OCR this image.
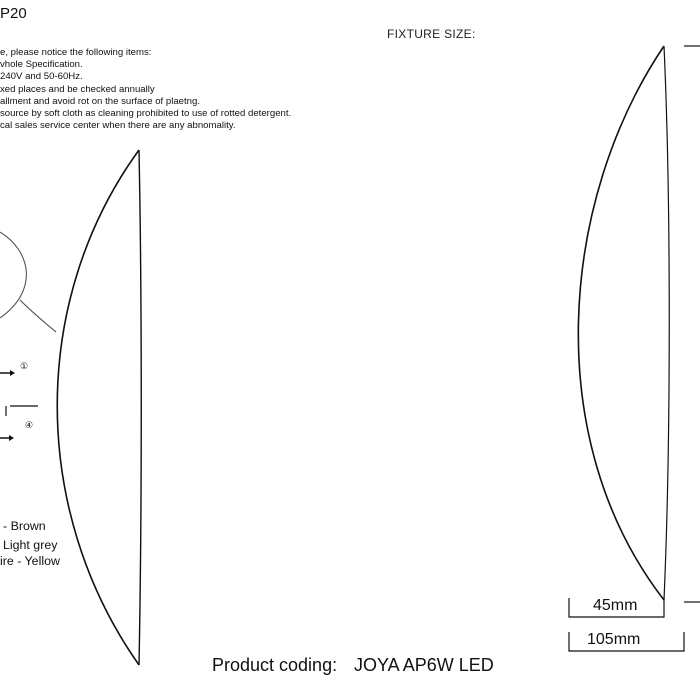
P20
e, please notice the following items:
vhole Specification.
240V and 50-60Hz.
xed places and be checked annually
allment and avoid rot on the surface of plaetng.
source by soft cloth as cleaning prohibited to use of rotted detergent.
cal sales service center when there are any abnomality.
FIXTURE SIZE:
①
④
- Brown
Light grey
ire - Yellow
45mm
105mm
Product coding: JOYA AP6W LED
